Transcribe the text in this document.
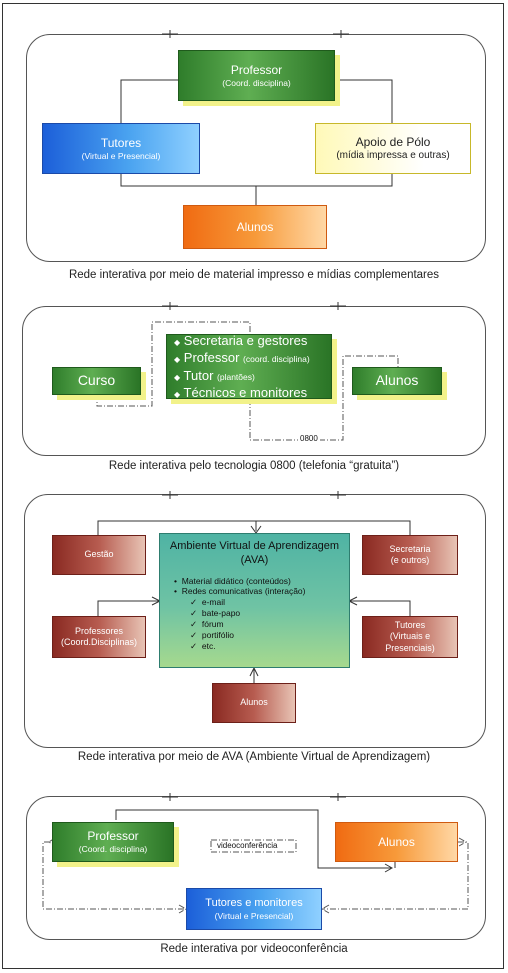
Professor
(Coord. disciplina)
Tutores
(Virtual e Presencial)
Apoio de Pólo
(mídia impressa e outras)
Alunos
Rede interativa por meio de material impresso e mídias complementares
Curso
◆ Secretaria e gestores
◆ Professor (coord. disciplina)
◆ Tutor (plantões)
◆ Técnicos e monitores
Alunos
0800
Rede interativa pelo tecnologia 0800 (telefonia “gratuita”)
Gestão
Secretaria
(e outros)
Professores
(Coord.Disciplinas)
Tutores
(Virtuais e
Presenciais)
Ambiente Virtual de Aprendizagem
(AVA)
•  Material didático (conteúdos)
•  Redes comunicativas (interação)
✓  e-mail
✓  bate-papo
✓  fórum
✓  portifólio
✓  etc.
Alunos
Rede interativa por meio de AVA (Ambiente Virtual de Aprendizagem)
Professor
(Coord. disciplina)
Alunos
videoconferência
Tutores e monitores
(Virtual e Presencial)
Rede interativa por videoconferência
